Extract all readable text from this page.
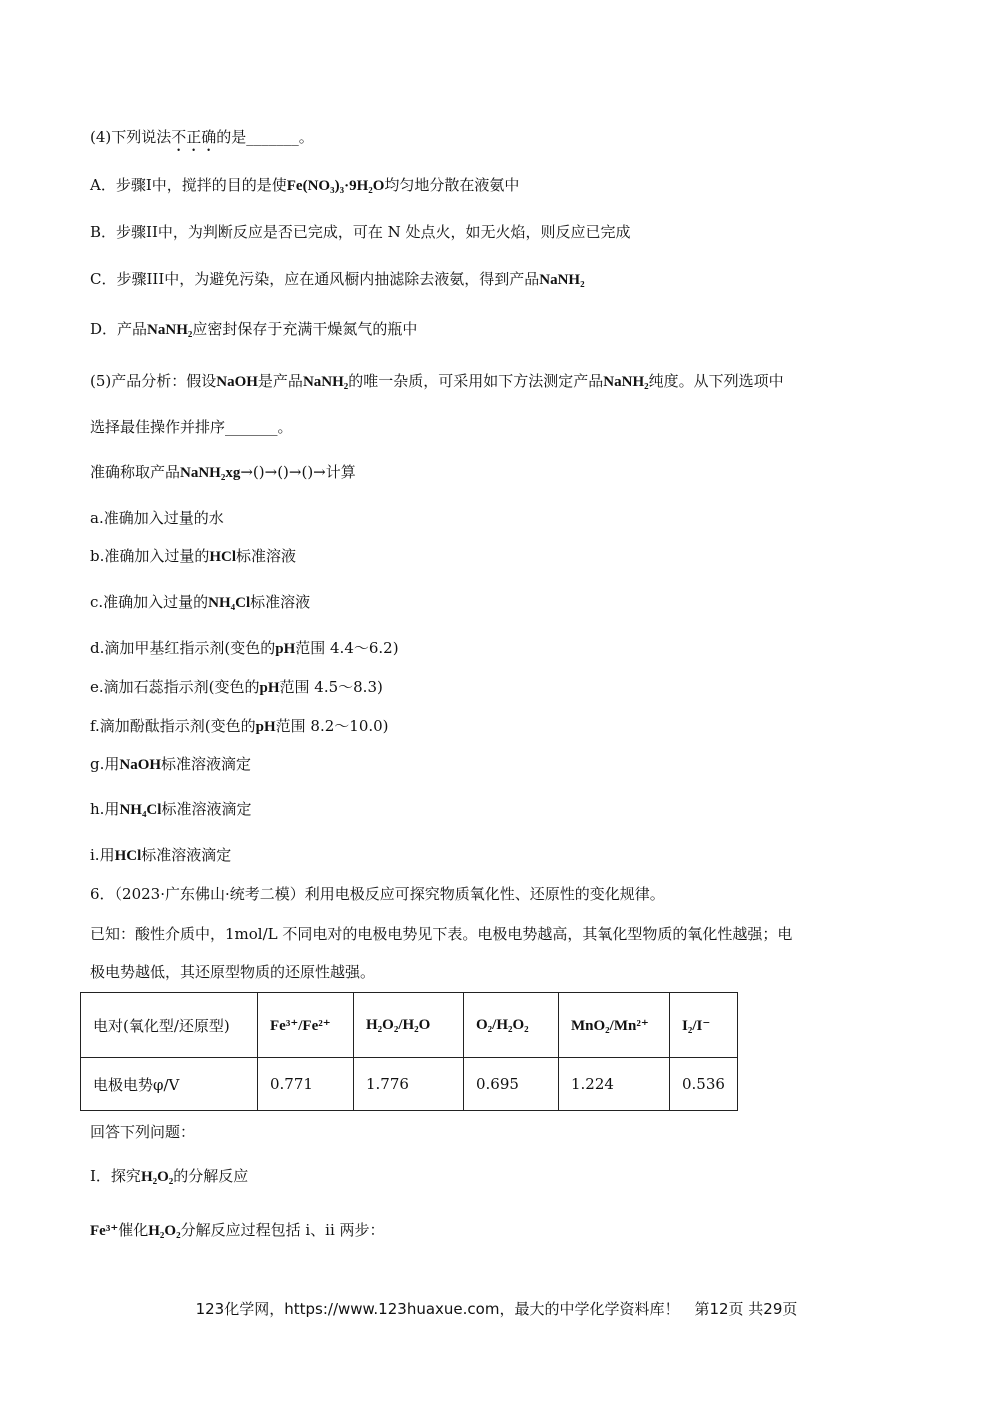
(4)下列说法不正确的是_______。
A．步骤I中，搅拌的目的是使Fe(NO₃)₃·9H₂O均匀地分散在液氨中
B．步骤II中，为判断反应是否已完成，可在 N 处点火，如无火焰，则反应已完成
C．步骤III中，为避免污染，应在通风橱内抽滤除去液氨，得到产品NaNH₂
D．产品NaNH₂应密封保存于充满干燥氮气的瓶中
(5)产品分析：假设NaOH是产品NaNH₂的唯一杂质，可采用如下方法测定产品NaNH₂纯度。从下列选项中
选择最佳操作并排序_______。
准确称取产品NaNH₂xg→()→()→()→计算
a.准确加入过量的水
b.准确加入过量的HCl标准溶液
c.准确加入过量的NH₄Cl标准溶液
d.滴加甲基红指示剂(变色的pH范围 4.4～6.2)
e.滴加石蕊指示剂(变色的pH范围 4.5～8.3)
f.滴加酚酞指示剂(变色的pH范围 8.2～10.0)
g.用NaOH标准溶液滴定
h.用NH₄Cl标准溶液滴定
i.用HCl标准溶液滴定
6．（2023·广东佛山·统考二模）利用电极反应可探究物质氧化性、还原性的变化规律。
已知：酸性介质中，1mol/L 不同电对的电极电势见下表。电极电势越高，其氧化型物质的氧化性越强；电
极电势越低，其还原型物质的还原性越强。
电对(氧化型/还原型)	Fe³⁺/Fe²⁺	H₂O₂/H₂O	O₂/H₂O₂	MnO₂/Mn²⁺	I₂/I⁻
电极电势φ/V	0.771	1.776	0.695	1.224	0.536
回答下列问题：
I．探究H₂O₂的分解反应
Fe³⁺催化H₂O₂分解反应过程包括 i、ii 两步：
123化学网，https://www.123huaxue.com，最大的中学化学资料库！　第12页 共29页
